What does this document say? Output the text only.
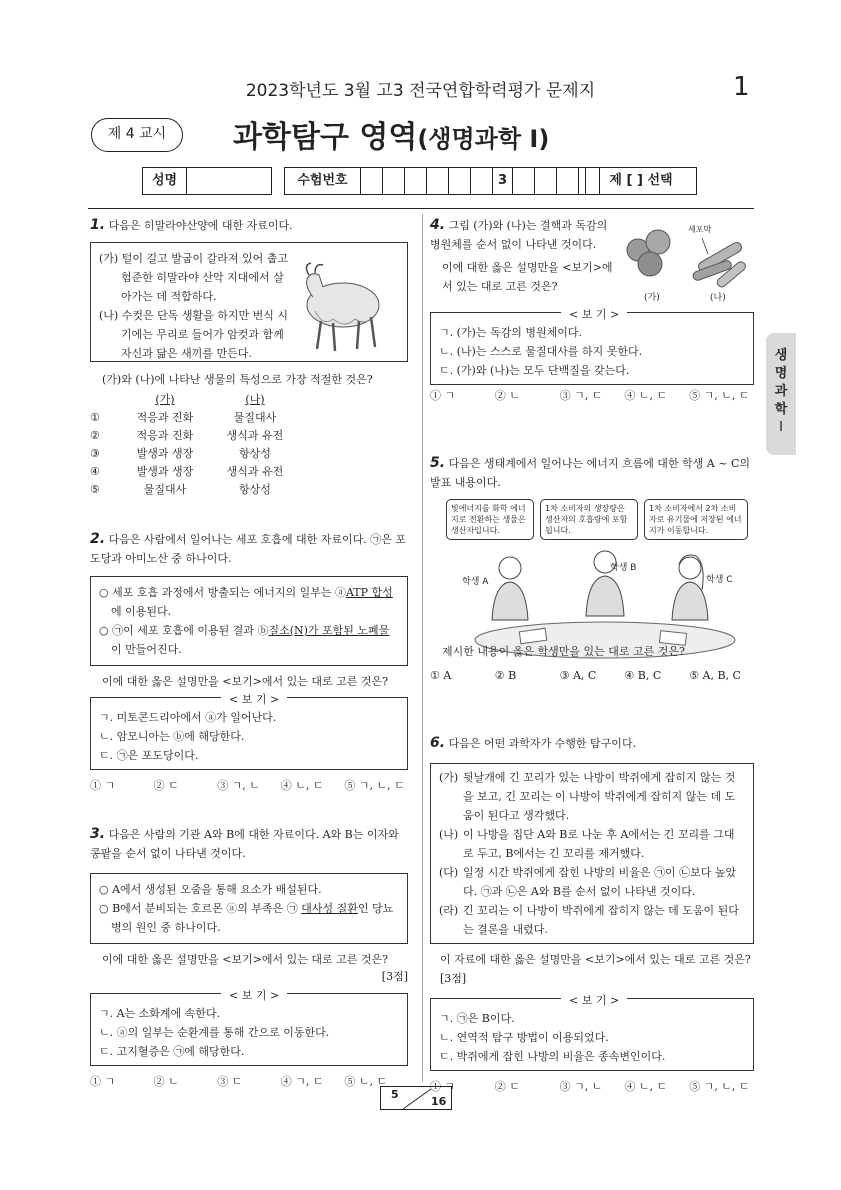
2023학년도 3월 고3 전국연합학력평가 문제지	1
제 4 교시	과학탐구 영역(생명과학 Ⅰ)
성명	수험번호	3	제 [ ] 선택
생
명
과
학
Ⅰ
1. 다음은 히말라야산양에 대한 자료이다.
(가) 털이 길고 발굽이 갈라져 있어 춥고 험준한 히말라야 산악 지대에서 살아가는 데 적합하다.
(나) 수컷은 단독 생활을 하지만 번식 시기에는 무리로 들어가 암컷과 함께 자신과 닮은 새끼를 만든다.
(가)와 (나)에 나타난 생물의 특성으로 가장 적절한 것은?
(가)	(나)
①	적응과 진화	물질대사
②	적응과 진화	생식과 유전
③	발생과 생장	항상성
④	발생과 생장	생식과 유전
⑤	물질대사	항상성
2. 다음은 사람에서 일어나는 세포 호흡에 대한 자료이다. ㉠은 포도당과 아미노산 중 하나이다.
○ 세포 호흡 과정에서 방출되는 에너지의 일부는 ⓐATP 합성에 이용된다.
○ ㉠이 세포 호흡에 이용된 결과 ⓑ질소(N)가 포함된 노폐물이 만들어진다.
이에 대한 옳은 설명만을 <보기>에서 있는 대로 고른 것은?
< 보 기 >
ㄱ. 미토콘드리아에서 ⓐ가 일어난다.
ㄴ. 암모니아는 ⓑ에 해당한다.
ㄷ. ㉠은 포도당이다.
① ㄱ	② ㄷ	③ ㄱ, ㄴ	④ ㄴ, ㄷ	⑤ ㄱ, ㄴ, ㄷ
3. 다음은 사람의 기관 A와 B에 대한 자료이다. A와 B는 이자와 콩팥을 순서 없이 나타낸 것이다.
○ A에서 생성된 오줌을 통해 요소가 배설된다.
○ B에서 분비되는 호르몬 ⓐ의 부족은 ㉠ 대사성 질환인 당뇨병의 원인 중 하나이다.
이에 대한 옳은 설명만을 <보기>에서 있는 대로 고른 것은?
[3점]
< 보 기 >
ㄱ. A는 소화계에 속한다.
ㄴ. ⓐ의 일부는 순환계를 통해 간으로 이동한다.
ㄷ. 고지혈증은 ㉠에 해당한다.
① ㄱ	② ㄴ	③ ㄷ	④ ㄱ, ㄷ	⑤ ㄴ, ㄷ
4. 그림 (가)와 (나)는 결핵과 독감의 병원체를 순서 없이 나타낸 것이다.
이에 대한 옳은 설명만을 <보기>에서 있는 대로 고른 것은?
세포막
(가)	(나)
< 보 기 >
ㄱ. (가)는 독감의 병원체이다.
ㄴ. (나)는 스스로 물질대사를 하지 못한다.
ㄷ. (가)와 (나)는 모두 단백질을 갖는다.
① ㄱ	② ㄴ	③ ㄱ, ㄷ	④ ㄴ, ㄷ	⑤ ㄱ, ㄴ, ㄷ
5. 다음은 생태계에서 일어나는 에너지 흐름에 대한 학생 A ~ C의 발표 내용이다.
빛에너지를 화학 에너지로 전환하는 생물은 생산자입니다.
1차 소비자의 생장량은 생산자의 호흡량에 포함됩니다.
1차 소비자에서 2차 소비자로 유기물에 저장된 에너지가 이동합니다.
학생 A
학생 B
학생 C
제시한 내용이 옳은 학생만을 있는 대로 고른 것은?
① A	② B	③ A, C	④ B, C	⑤ A, B, C
6. 다음은 어떤 과학자가 수행한 탐구이다.
(가) 뒷날개에 긴 꼬리가 있는 나방이 박쥐에게 잡히지 않는 것을 보고, 긴 꼬리는 이 나방이 박쥐에게 잡히지 않는 데 도움이 된다고 생각했다.
(나) 이 나방을 집단 A와 B로 나눈 후 A에서는 긴 꼬리를 그대로 두고, B에서는 긴 꼬리를 제거했다.
(다) 일정 시간 박쥐에게 잡힌 나방의 비율은 ㉠이 ㉡보다 높았다. ㉠과 ㉡은 A와 B를 순서 없이 나타낸 것이다.
(라) 긴 꼬리는 이 나방이 박쥐에게 잡히지 않는 데 도움이 된다는 결론을 내렸다.
이 자료에 대한 옳은 설명만을 <보기>에서 있는 대로 고른 것은? [3점]
< 보 기 >
ㄱ. ㉠은 B이다.
ㄴ. 연역적 탐구 방법이 이용되었다.
ㄷ. 박쥐에게 잡힌 나방의 비율은 종속변인이다.
① ㄱ	② ㄷ	③ ㄱ, ㄴ	④ ㄴ, ㄷ	⑤ ㄱ, ㄴ, ㄷ
5
16
